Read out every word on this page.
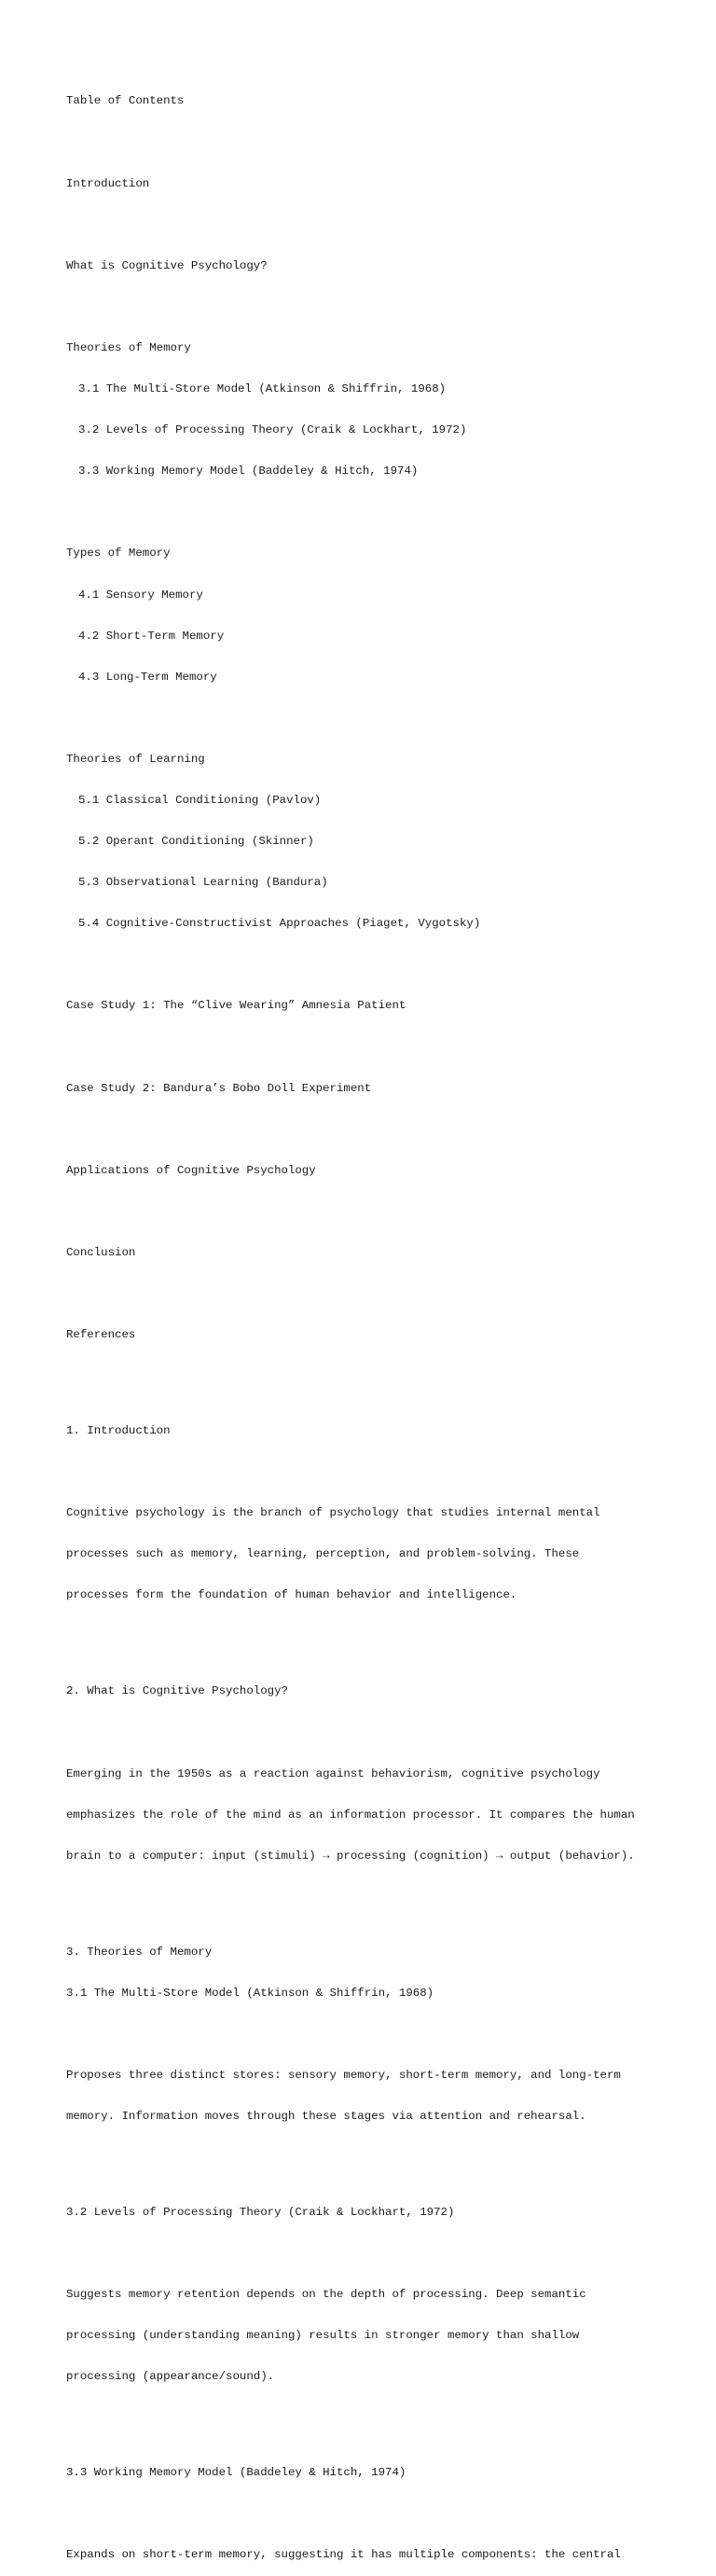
Table of Contents

Introduction

What is Cognitive Psychology?

Theories of Memory

3.1 The Multi-Store Model (Atkinson & Shiffrin, 1968)

3.2 Levels of Processing Theory (Craik & Lockhart, 1972)

3.3 Working Memory Model (Baddeley & Hitch, 1974)

Types of Memory

4.1 Sensory Memory

4.2 Short-Term Memory

4.3 Long-Term Memory

Theories of Learning

5.1 Classical Conditioning (Pavlov)

5.2 Operant Conditioning (Skinner)

5.3 Observational Learning (Bandura)

5.4 Cognitive-Constructivist Approaches (Piaget, Vygotsky)

Case Study 1: The “Clive Wearing” Amnesia Patient

Case Study 2: Bandura’s Bobo Doll Experiment

Applications of Cognitive Psychology

Conclusion

References

1. Introduction

Cognitive psychology is the branch of psychology that studies internal mental

processes such as memory, learning, perception, and problem-solving. These

processes form the foundation of human behavior and intelligence.

2. What is Cognitive Psychology?

Emerging in the 1950s as a reaction against behaviorism, cognitive psychology

emphasizes the role of the mind as an information processor. It compares the human

brain to a computer: input (stimuli) → processing (cognition) → output (behavior).

3. Theories of Memory

3.1 The Multi-Store Model (Atkinson & Shiffrin, 1968)

Proposes three distinct stores: sensory memory, short-term memory, and long-term

memory. Information moves through these stages via attention and rehearsal.

3.2 Levels of Processing Theory (Craik & Lockhart, 1972)

Suggests memory retention depends on the depth of processing. Deep semantic

processing (understanding meaning) results in stronger memory than shallow

processing (appearance/sound).

3.3 Working Memory Model (Baddeley & Hitch, 1974)

Expands on short-term memory, suggesting it has multiple components: the central
